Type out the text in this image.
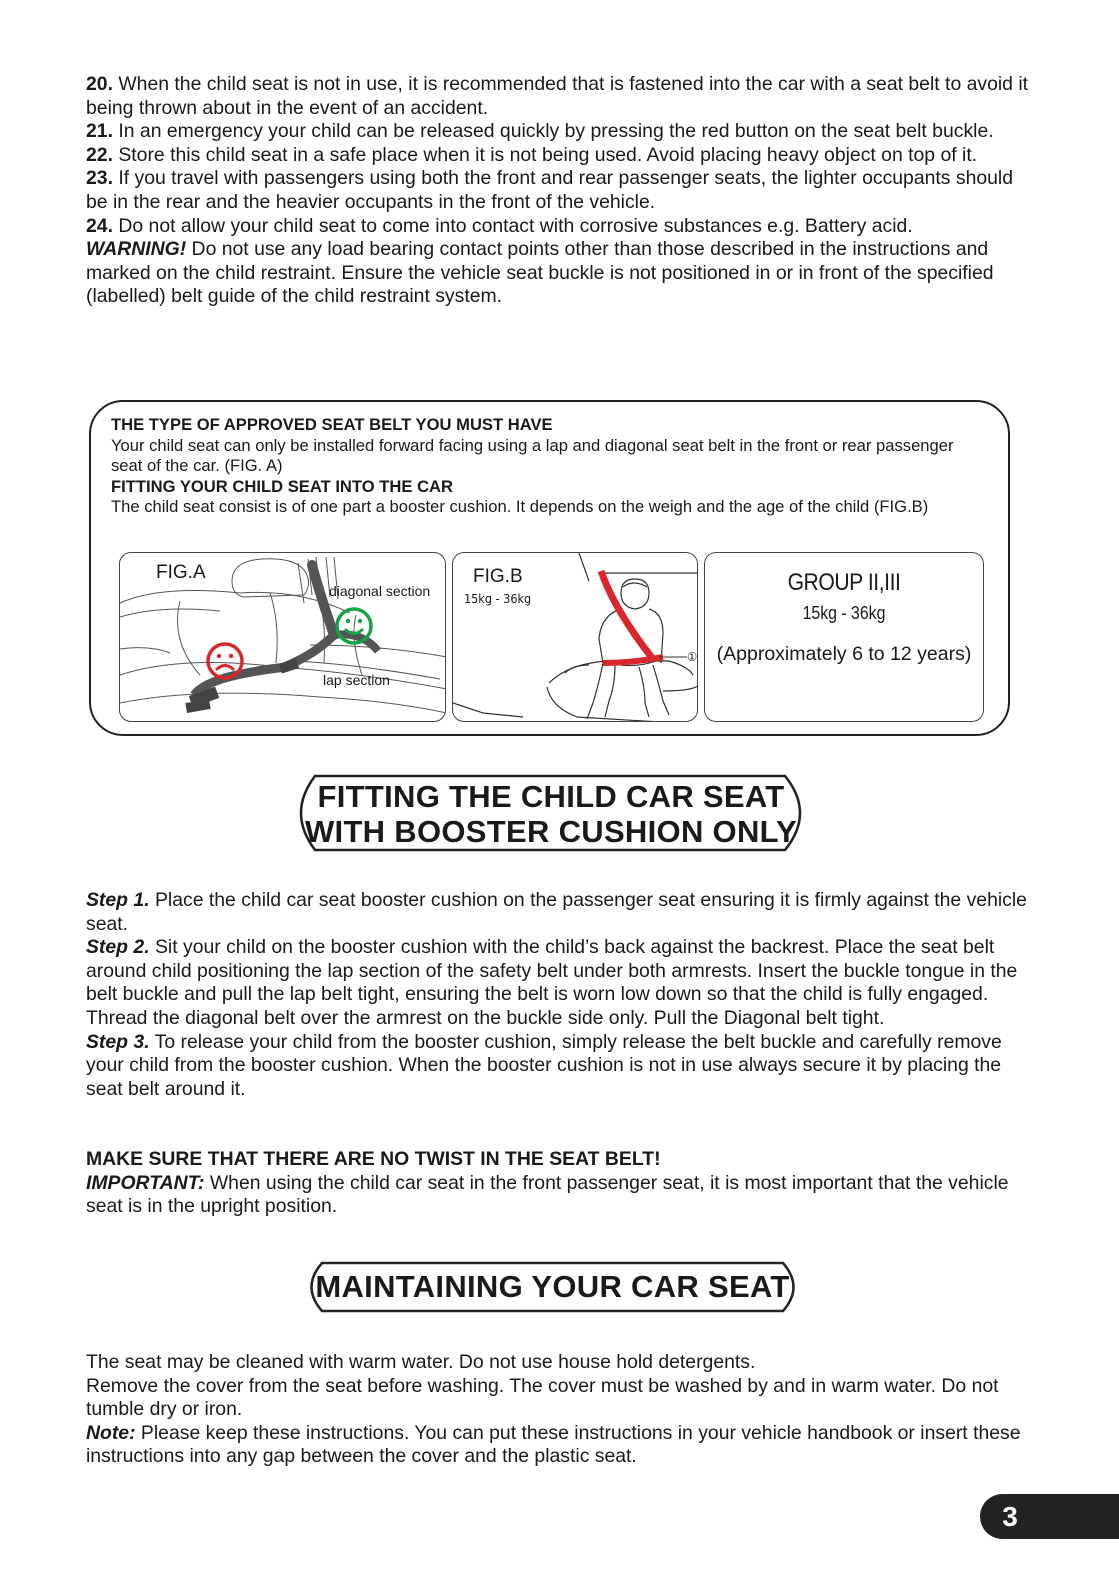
20. When the child seat is not in use, it is recommended that is fastened into the car with a seat belt to avoid it being thrown about in the event of an accident.

21. In an emergency your child can be released quickly by pressing the red button on the seat belt buckle.

22. Store this child seat in a safe place when it is not being used. Avoid placing heavy object on top of it.

23. If you travel with passengers using both the front and rear passenger seats, the lighter occupants should be in the rear and the heavier occupants in the front of the vehicle.

24. Do not allow your child seat to come into contact with corrosive substances e.g. Battery acid.

WARNING! Do not use any load bearing contact points other than those described in the instructions and marked on the child restraint. Ensure the vehicle seat buckle is not positioned in or in front of the specified (labelled) belt guide of the child restraint system.

THE TYPE OF APPROVED SEAT BELT YOU MUST HAVE

Your child seat can only be installed forward facing using a lap and diagonal seat belt in the front or rear passenger seat of the car. (FIG. A)

FITTING YOUR CHILD SEAT INTO THE CAR

The child seat consist is of one part a booster cushion. It depends on the weigh and the age of the child (FIG.B)

FIG.A
diagonal section
lap section
FIG.B
15kg - 36kg
①
GROUP II,III
15kg - 36kg
(Approximately 6 to 12 years)
FITTING THE CHILD CAR SEAT
WITH BOOSTER CUSHION ONLY

Step 1. Place the child car seat booster cushion on the passenger seat ensuring it is firmly against the vehicle seat.

Step 2. Sit your child on the booster cushion with the child’s back against the backrest. Place the seat belt around child positioning the lap section of the safety belt under both armrests. Insert the buckle tongue in the belt buckle and pull the lap belt tight, ensuring the belt is worn low down so that the child is fully engaged. Thread the diagonal belt over the armrest on the buckle side only. Pull the Diagonal belt tight.

Step 3. To release your child from the booster cushion, simply release the belt buckle and carefully remove your child from the booster cushion. When the booster cushion is not in use always secure it by placing the seat belt around it.

MAKE SURE THAT THERE ARE NO TWIST IN THE SEAT BELT!

IMPORTANT: When using the child car seat in the front passenger seat, it is most important that the vehicle seat is in the upright position.

MAINTAINING YOUR CAR SEAT

The seat may be cleaned with warm water. Do not use house hold detergents.

Remove the cover from the seat before washing. The cover must be washed by and in warm water. Do not tumble dry or iron.

Note: Please keep these instructions. You can put these instructions in your vehicle handbook or insert these instructions into any gap between the cover and the plastic seat.

3
